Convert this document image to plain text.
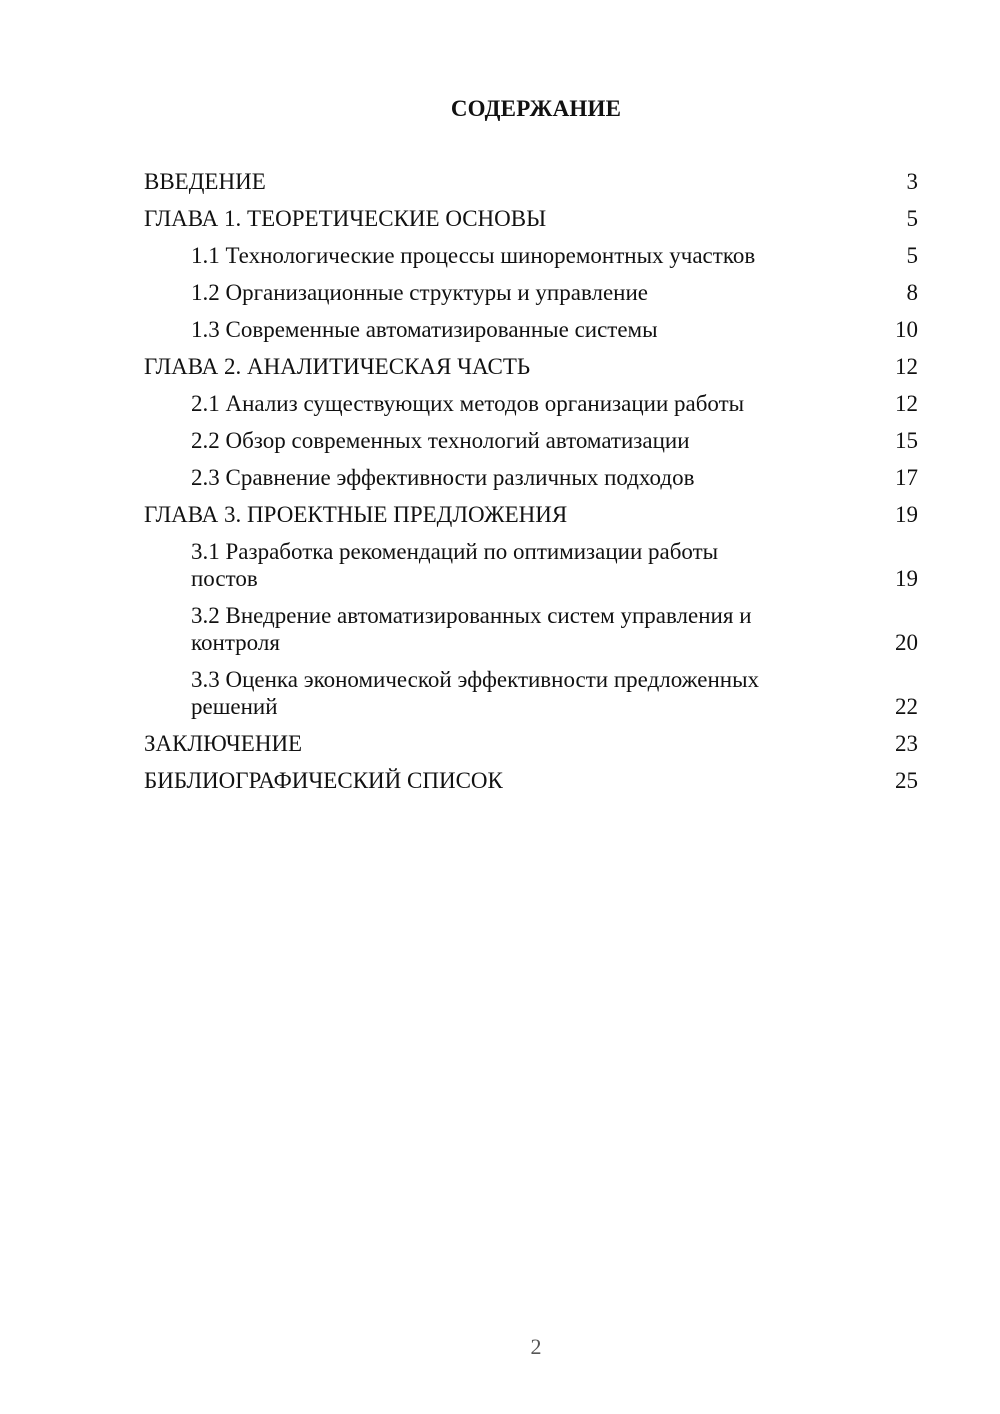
СОДЕРЖАНИЕ
ВВЕДЕНИЕ	3
ГЛАВА 1. ТЕОРЕТИЧЕСКИЕ ОСНОВЫ	5
1.1 Технологические процессы шиноремонтных участков	5
1.2 Организационные структуры и управление	8
1.3 Современные автоматизированные системы	10
ГЛАВА 2. АНАЛИТИЧЕСКАЯ ЧАСТЬ	12
2.1 Анализ существующих методов организации работы	12
2.2 Обзор современных технологий автоматизации	15
2.3 Сравнение эффективности различных подходов	17
ГЛАВА 3. ПРОЕКТНЫЕ ПРЕДЛОЖЕНИЯ	19
3.1 Разработка рекомендаций по оптимизации работы постов	19
3.2 Внедрение автоматизированных систем управления и контроля	20
3.3 Оценка экономической эффективности предложенных решений	22
ЗАКЛЮЧЕНИЕ	23
БИБЛИОГРАФИЧЕСКИЙ СПИСОК	25
2
